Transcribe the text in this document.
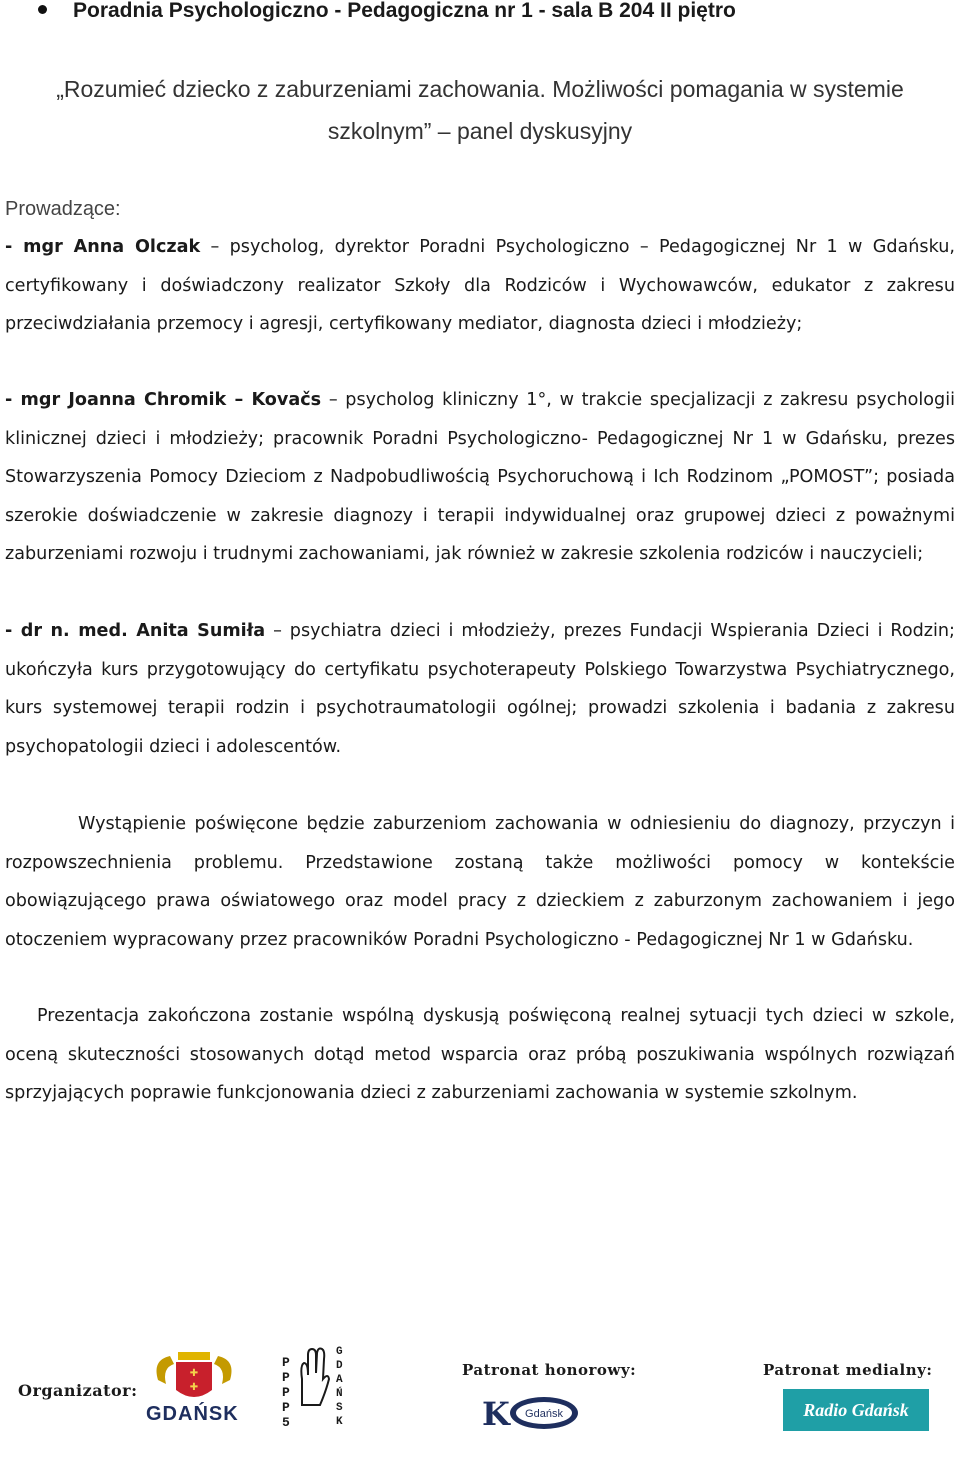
Poradnia Psychologiczno - Pedagogiczna nr 1 - sala B 204 II piętro
„Rozumieć dziecko z zaburzeniami zachowania. Możliwości pomagania w systemie
szkolnym” – panel dyskusyjny
Prowadzące:
- mgr Anna Olczak – psycholog, dyrektor Poradni Psychologiczno – Pedagogicznej Nr 1 w Gdańsku, certyfikowany i doświadczony realizator Szkoły dla Rodziców i Wychowawców, edukator z zakresu przeciwdziałania przemocy i agresji, certyfikowany mediator, diagnosta dzieci i młodzieży;
- mgr Joanna Chromik – Kovačs – psycholog kliniczny 1°, w trakcie specjalizacji z zakresu psychologii klinicznej dzieci i młodzieży; pracownik Poradni Psychologiczno- Pedagogicznej Nr 1 w Gdańsku, prezes Stowarzyszenia Pomocy Dzieciom z Nadpobudliwością Psychoruchową i Ich Rodzinom „POMOST”; posiada szerokie doświadczenie w zakresie diagnozy i terapii indywidualnej oraz grupowej dzieci z poważnymi zaburzeniami rozwoju i trudnymi zachowaniami, jak również w zakresie szkolenia rodziców i nauczycieli;
- dr n. med. Anita Sumiła – psychiatra dzieci i młodzieży, prezes Fundacji Wspierania Dzieci i Rodzin; ukończyła kurs przygotowujący do certyfikatu psychoterapeuty Polskiego Towarzystwa Psychiatrycznego, kurs systemowej terapii rodzin i psychotraumatologii ogólnej; prowadzi szkolenia i badania z zakresu psychopatologii dzieci i adolescentów.
Wystąpienie poświęcone będzie zaburzeniom zachowania w odniesieniu do diagnozy, przyczyn i rozpowszechnienia problemu. Przedstawione zostaną także możliwości pomocy w kontekście obowiązującego prawa oświatowego oraz model pracy z dzieckiem z zaburzonym zachowaniem i jego otoczeniem wypracowany przez pracowników Poradni Psychologiczno - Pedagogicznej Nr 1 w Gdańsku.
Prezentacja zakończona zostanie wspólną dyskusją poświęconą realnej sytuacji tych dzieci w szkole, oceną skuteczności stosowanych dotąd metod wsparcia oraz próbą poszukiwania wspólnych rozwiązań sprzyjających poprawie funkcjonowania dzieci z zaburzeniami zachowania w systemie szkolnym.
Organizator:
✚
✚
GDAŃSK
P
P
P
P
5
G
D
A
Ń
S
K
Patronat honorowy:
K Gdańsk
Patronat medialny:
Radio Gdańsk
